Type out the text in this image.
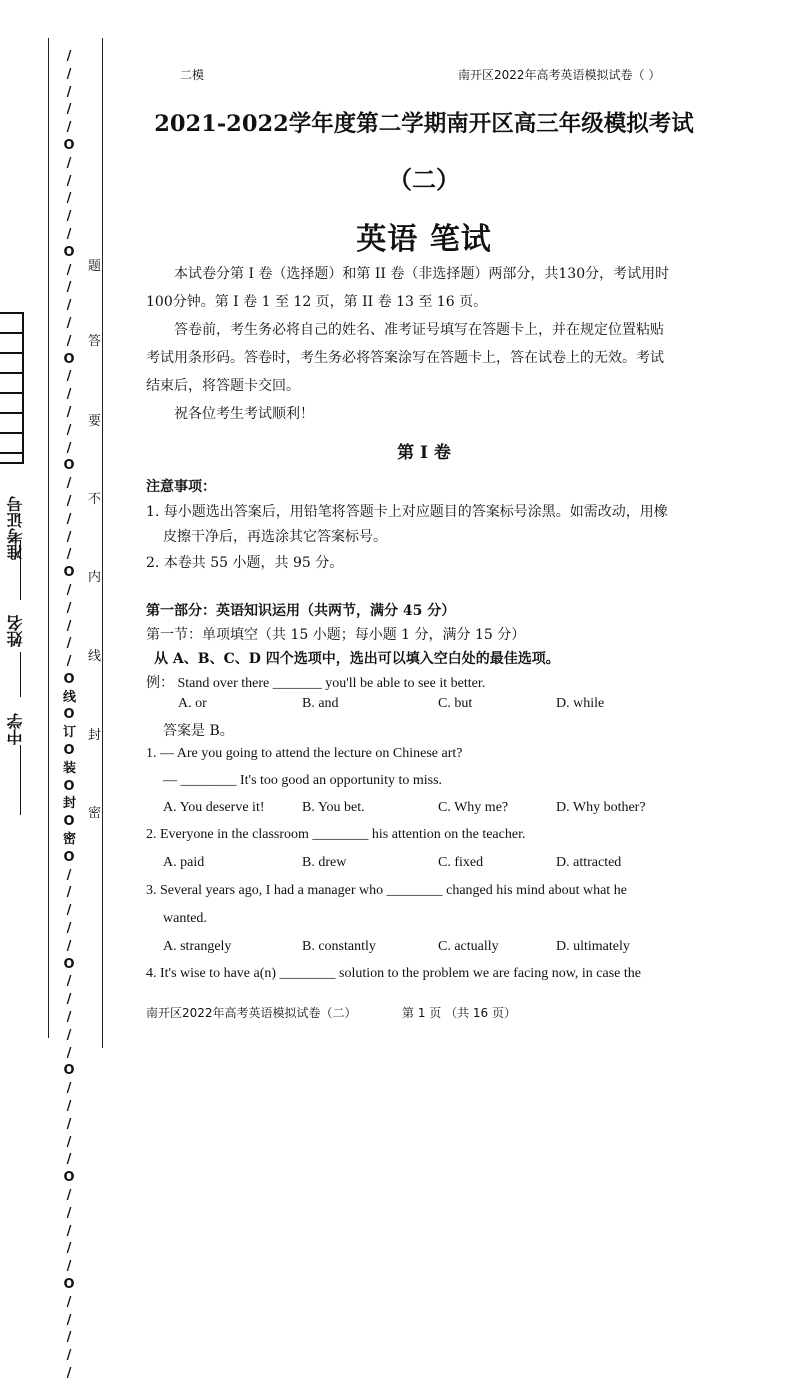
/ / / / / O / / / / / O / / / / / O / / / / / O / / / / / O / / / / / O 线 O 订 O 装 O 封 O 密 O / / / / / O / / / / / O / / / / / O / / / / / O / / / / /
题
答
要
不
内
线
封
密
准考证号
姓名
中学
二模	南开区2022年高考英语模拟试卷（ ）
2021-2022学年度第二学期南开区高三年级模拟考试
（二）
英语 笔试
本试卷分第 I 卷（选择题）和第 II 卷（非选择题）两部分，共130分，考试用时
100分钟。第 I 卷 1 至 12 页，第 II 卷 13 至 16 页。
答卷前，考生务必将自己的姓名、准考证号填写在答题卡上，并在规定位置粘贴
考试用条形码。答卷时，考生务必将答案涂写在答题卡上，答在试卷上的无效。考试
结束后，将答题卡交回。
祝各位考生考试顺利！
第 I 卷
注意事项：
1. 每小题选出答案后，用铅笔将答题卡上对应题目的答案标号涂黑。如需改动，用橡
皮擦干净后，再选涂其它答案标号。
2. 本卷共 55 小题，共 95 分。
第一部分：英语知识运用（共两节，满分 45 分）
第一节：单项填空（共 15 小题；每小题 1 分，满分 15 分）
从 A、B、C、D 四个选项中，选出可以填入空白处的最佳选项。
例： Stand over there _______ you'll be able to see it better.
A. or	B. and	C. but	D. while
答案是 B。
1. — Are you going to attend the lecture on Chinese art?
— ________ It's too good an opportunity to miss.
A. You deserve it!	B. You bet.	C. Why me?	D. Why bother?
2. Everyone in the classroom ________ his attention on the teacher.
A. paid	B. drew	C. fixed	D. attracted
3. Several years ago, I had a manager who ________ changed his mind about what he
wanted.
A. strangely	B. constantly	C. actually	D. ultimately
4. It's wise to have a(n) ________ solution to the problem we are facing now, in case the
南开区2022年高考英语模拟试卷（二）	第 1 页 （共 16 页）
